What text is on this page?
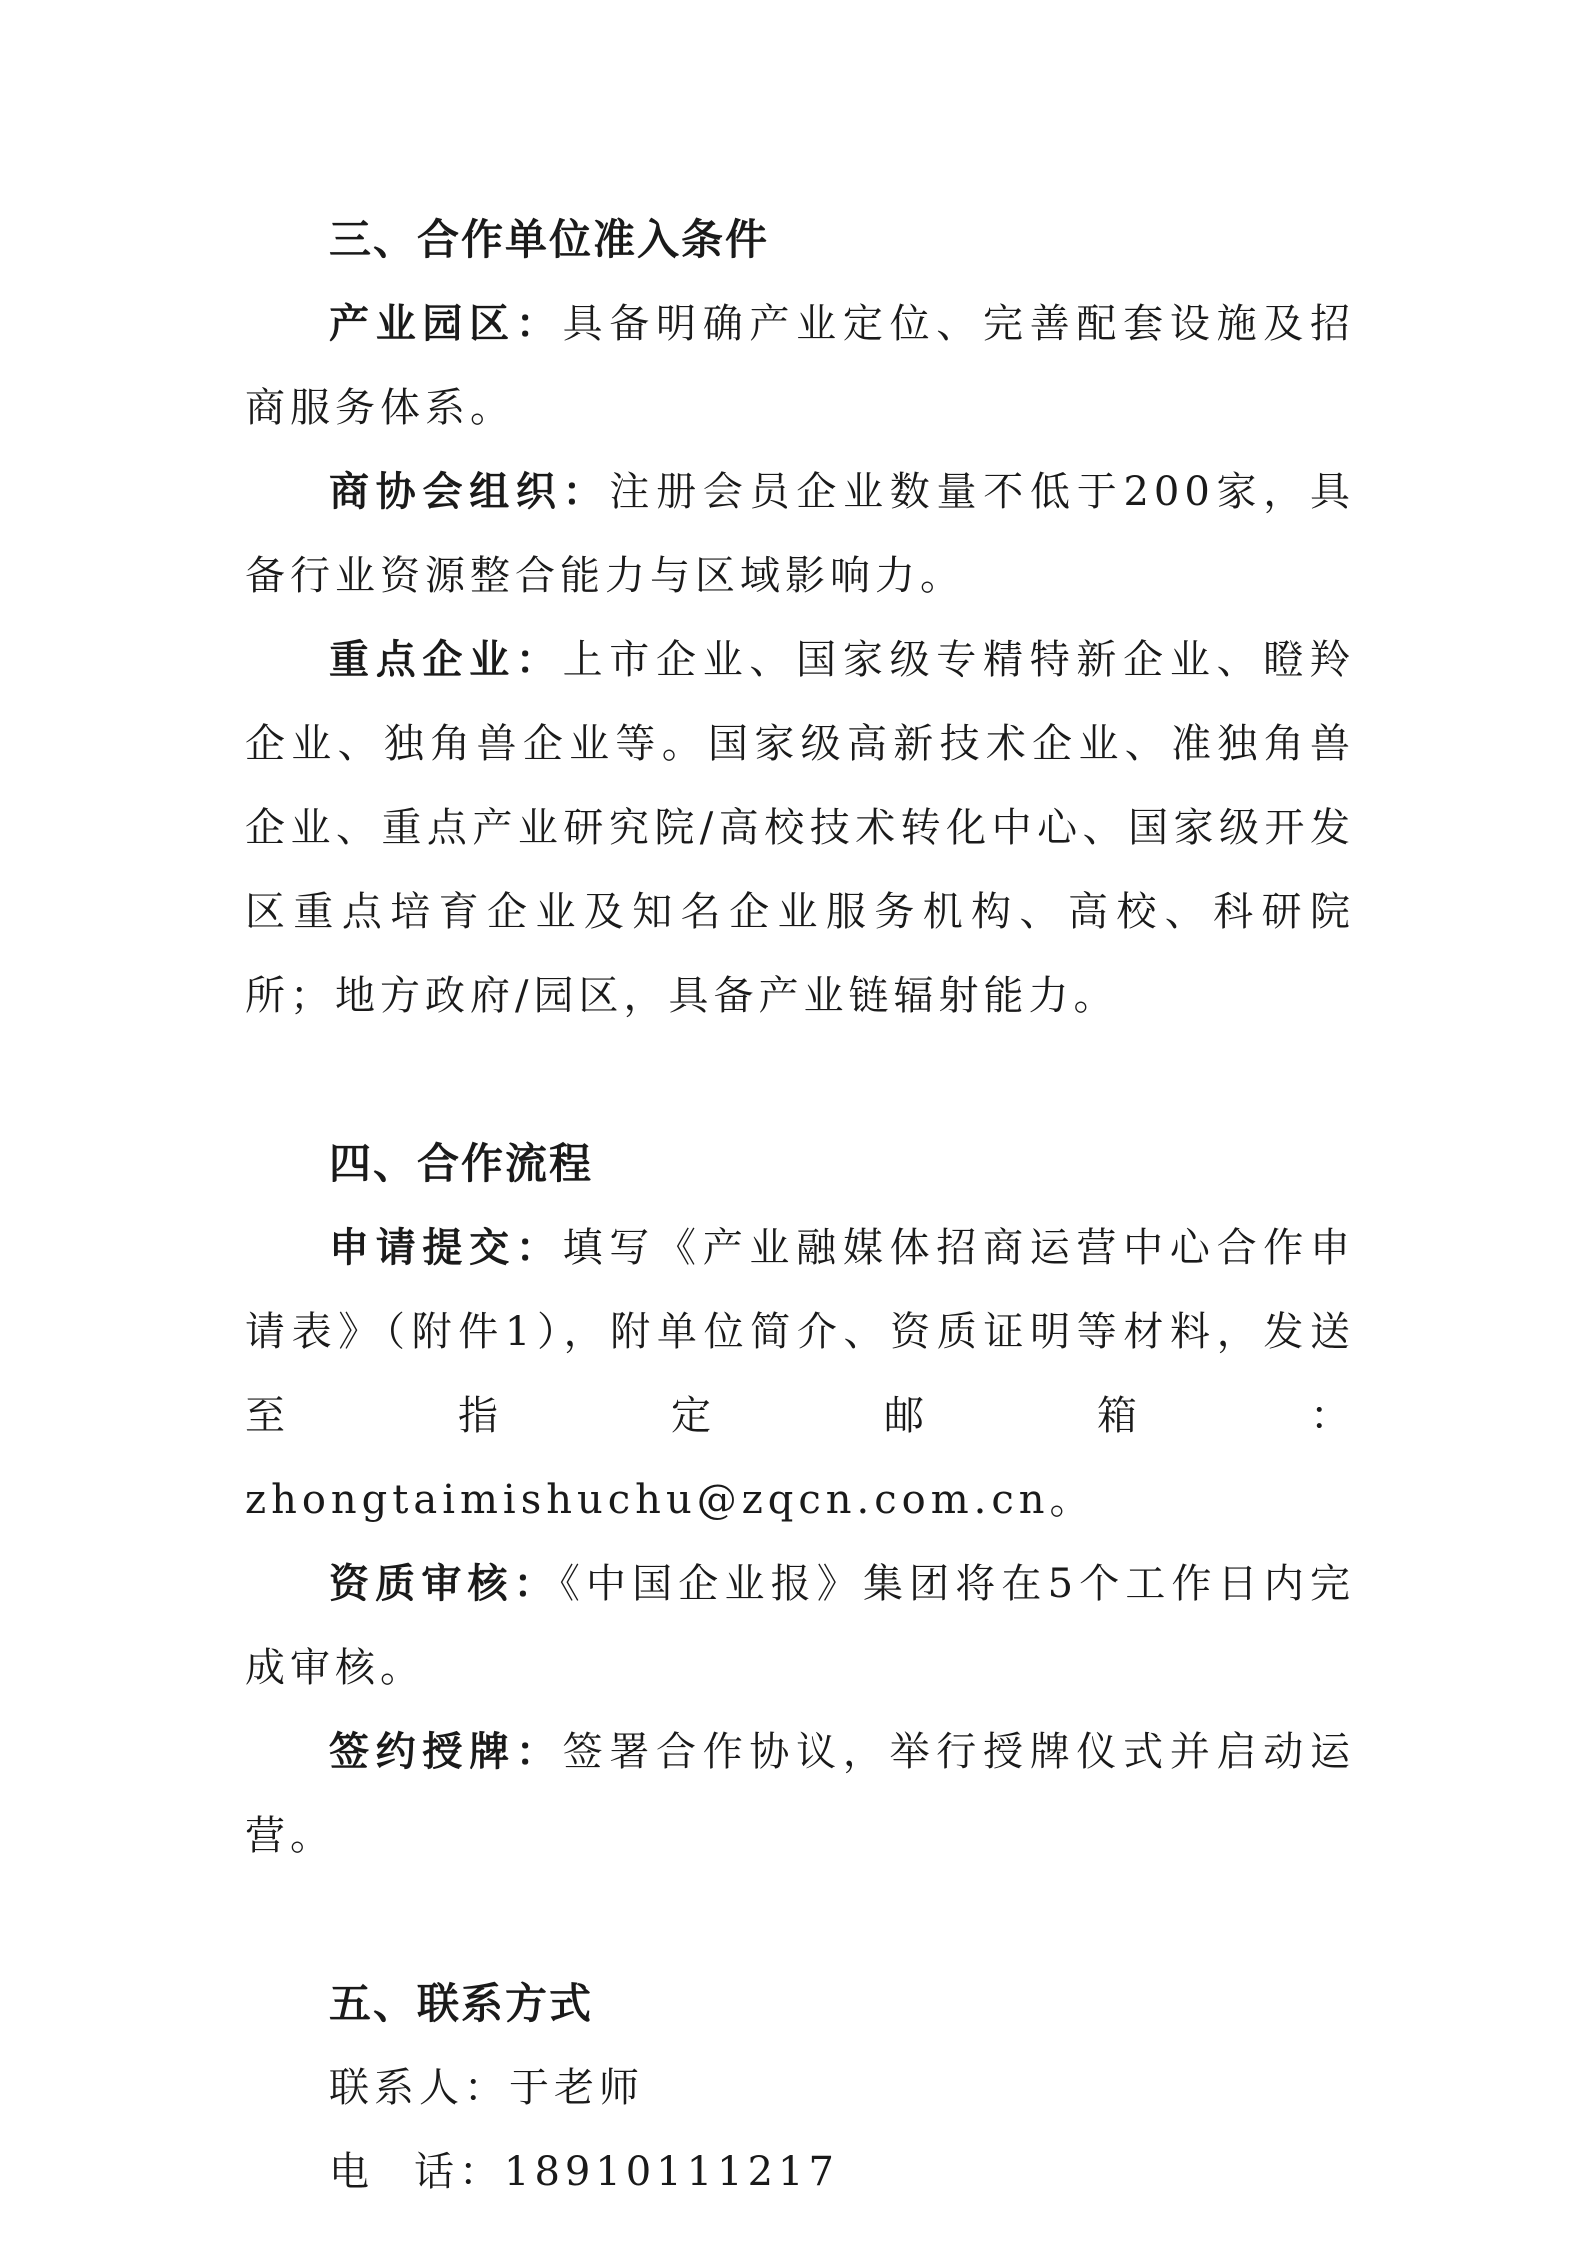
三、合作单位准入条件

产业园区：具备明确产业定位、完善配套设施及招商服务体系。

商协会组织：注册会员企业数量不低于200家，具备行业资源整合能力与区域影响力。

重点企业：上市企业、国家级专精特新企业、瞪羚企业、独角兽企业等。国家级高新技术企业、准独角兽企业、重点产业研究院/高校技术转化中心、国家级开发区重点培育企业及知名企业服务机构、高校、科研院所；地方政府/园区，具备产业链辐射能力。

四、合作流程

申请提交：填写《产业融媒体招商运营中心合作申请表》（附件1），附单位简介、资质证明等材料，发送至指定邮箱：zhongtaimishuchu@zqcn.com.cn。

资质审核：《中国企业报》集团将在5个工作日内完成审核。

签约授牌：签署合作协议，举行授牌仪式并启动运营。

五、联系方式

联系人：于老师

电 话：18910111217
